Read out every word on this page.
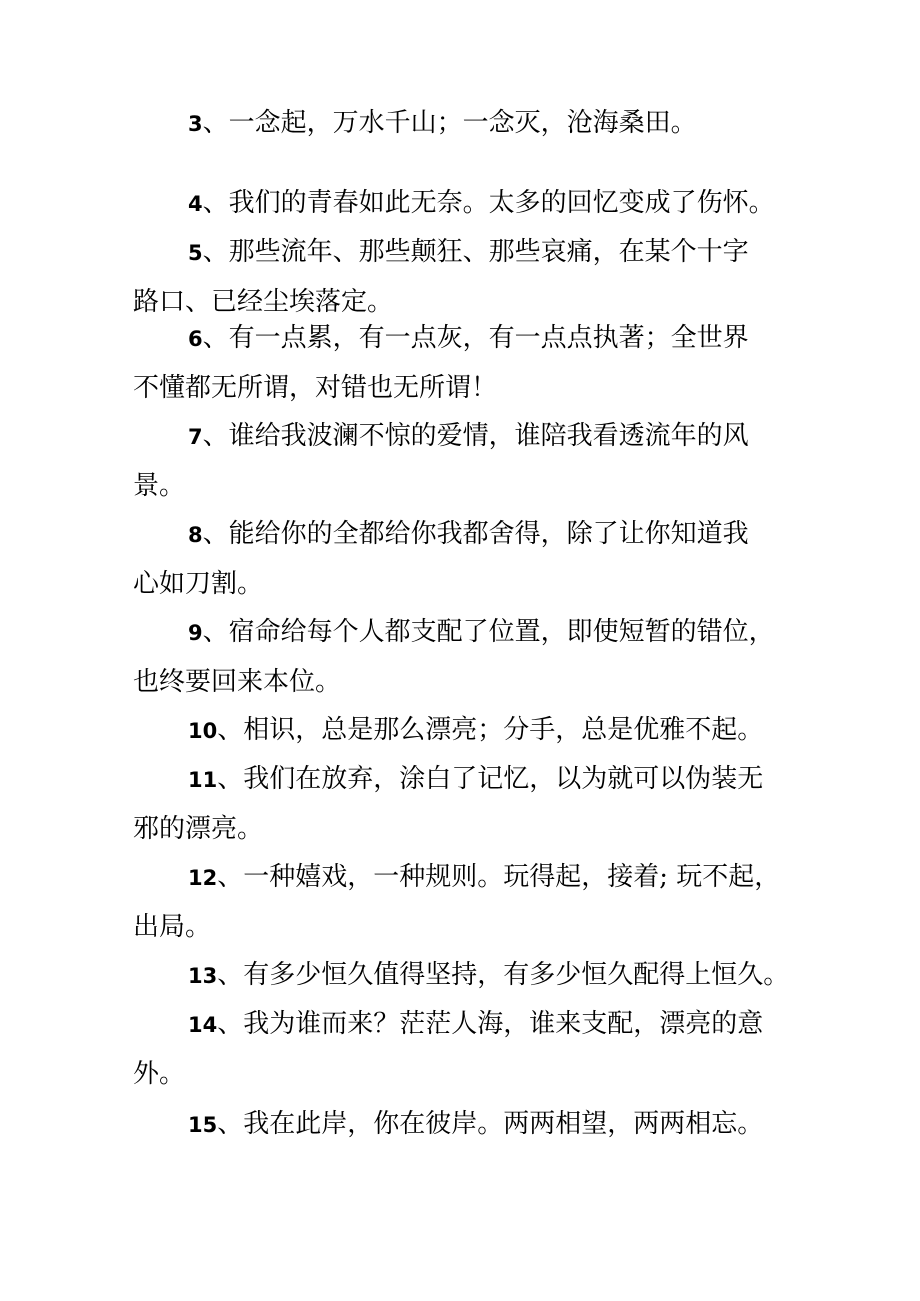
3、一念起，万水千山；一念灭，沧海桑田。

4、我们的青春如此无奈。太多的回忆变成了伤怀。

5、那些流年、那些颠狂、那些哀痛，在某个十字
路口、已经尘埃落定。

6、有一点累，有一点灰，有一点点执著；全世界
不懂都无所谓，对错也无所谓！

7、谁给我波澜不惊的爱情，谁陪我看透流年的风
景。

8、能给你的全都给你我都舍得，除了让你知道我
心如刀割。

9、宿命给每个人都支配了位置，即使短暂的错位，
也终要回来本位。

10、相识，总是那么漂亮；分手，总是优雅不起。

11、我们在放弃，涂白了记忆，以为就可以伪装无
邪的漂亮。

12、一种嬉戏，一种规则。玩得起，接着; 玩不起，
出局。

13、有多少恒久值得坚持，有多少恒久配得上恒久。

14、我为谁而来？茫茫人海，谁来支配，漂亮的意
外。

15、我在此岸，你在彼岸。两两相望，两两相忘。
